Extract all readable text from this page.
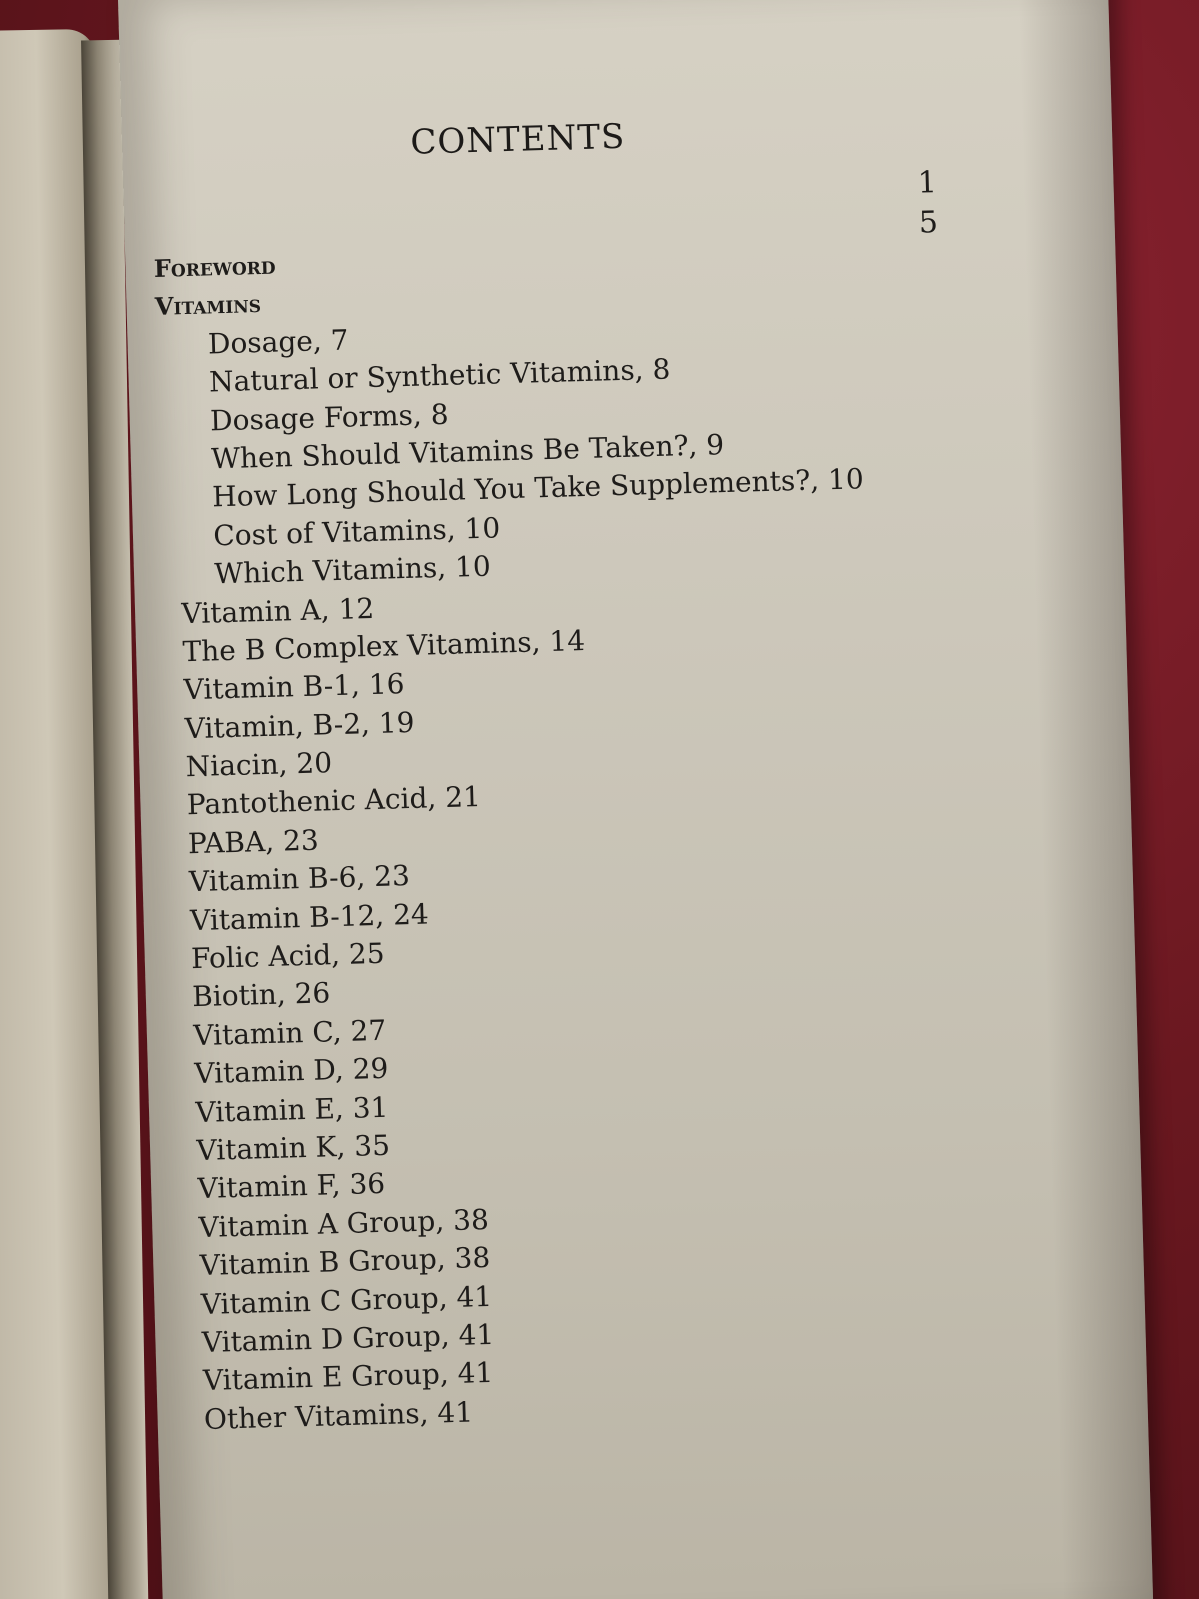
CONTENTS
1
5
Foreword
Vitamins
Dosage, 7
Natural or Synthetic Vitamins, 8
Dosage Forms, 8
When Should Vitamins Be Taken?, 9
How Long Should You Take Supplements?, 10
Cost of Vitamins, 10
Which Vitamins, 10
Vitamin A, 12
The B Complex Vitamins, 14
Vitamin B-1, 16
Vitamin, B-2, 19
Niacin, 20
Pantothenic Acid, 21
PABA, 23
Vitamin B-6, 23
Vitamin B-12, 24
Folic Acid, 25
Biotin, 26
Vitamin C, 27
Vitamin D, 29
Vitamin E, 31
Vitamin K, 35
Vitamin F, 36
Vitamin A Group, 38
Vitamin B Group, 38
Vitamin C Group, 41
Vitamin D Group, 41
Vitamin E Group, 41
Other Vitamins, 41
